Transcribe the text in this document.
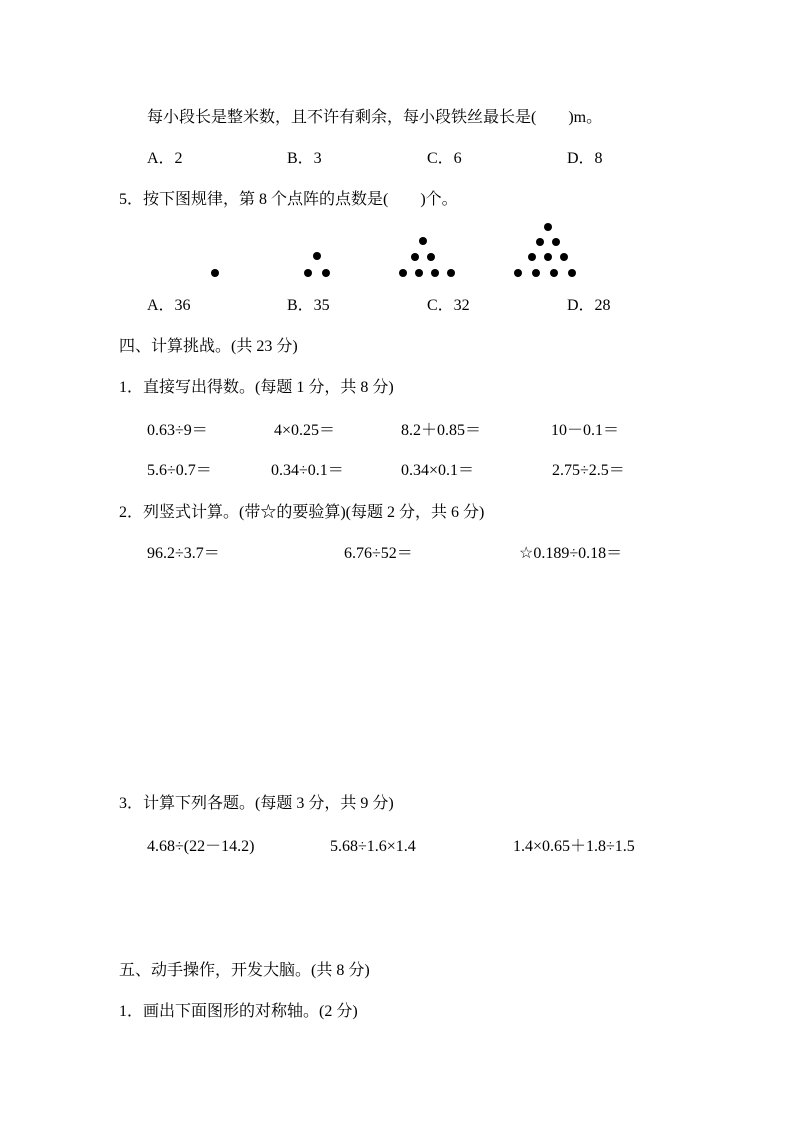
每小段长是整米数，且不许有剩余，每小段铁丝最长是(　　)m。
A．2	B．3	C．6	D．8
5．按下图规律，第 8 个点阵的点数是(　　)个。
A．36	B．35	C．32	D．28
四、计算挑战。(共 23 分)
1．直接写出得数。(每题 1 分，共 8 分)
0.63÷9＝	4×0.25＝	8.2＋0.85＝	10－0.1＝
5.6÷0.7＝	0.34÷0.1＝	0.34×0.1＝	2.75÷2.5＝
2．列竖式计算。(带☆的要验算)(每题 2 分，共 6 分)
96.2÷3.7＝	6.76÷52＝	☆0.189÷0.18＝
3．计算下列各题。(每题 3 分，共 9 分)
4.68÷(22－14.2)	5.68÷1.6×1.4	1.4×0.65＋1.8÷1.5
五、动手操作，开发大脑。(共 8 分)
1．画出下面图形的对称轴。(2 分)
